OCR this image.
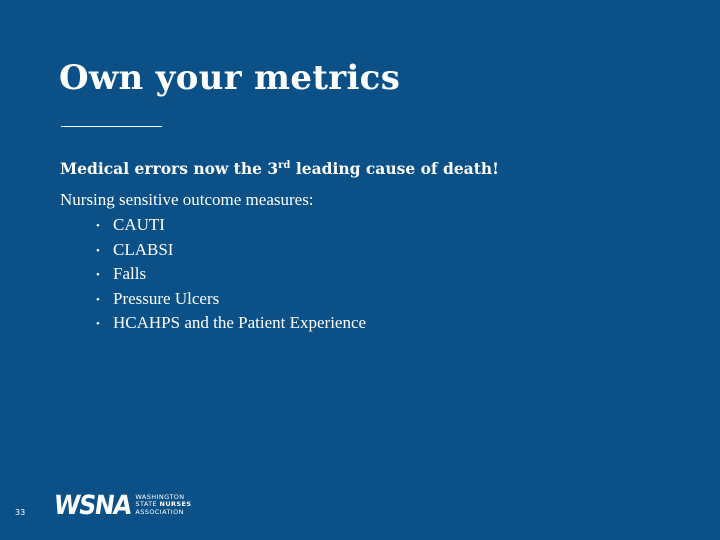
Own your metrics
Medical errors now the 3rd leading cause of death!
Nursing sensitive outcome measures:
• CAUTI
• CLABSI
• Falls
• Pressure Ulcers
• HCAHPS and the Patient Experience
33 WSNA WASHINGTON
STATE NURSES
ASSOCIATION
